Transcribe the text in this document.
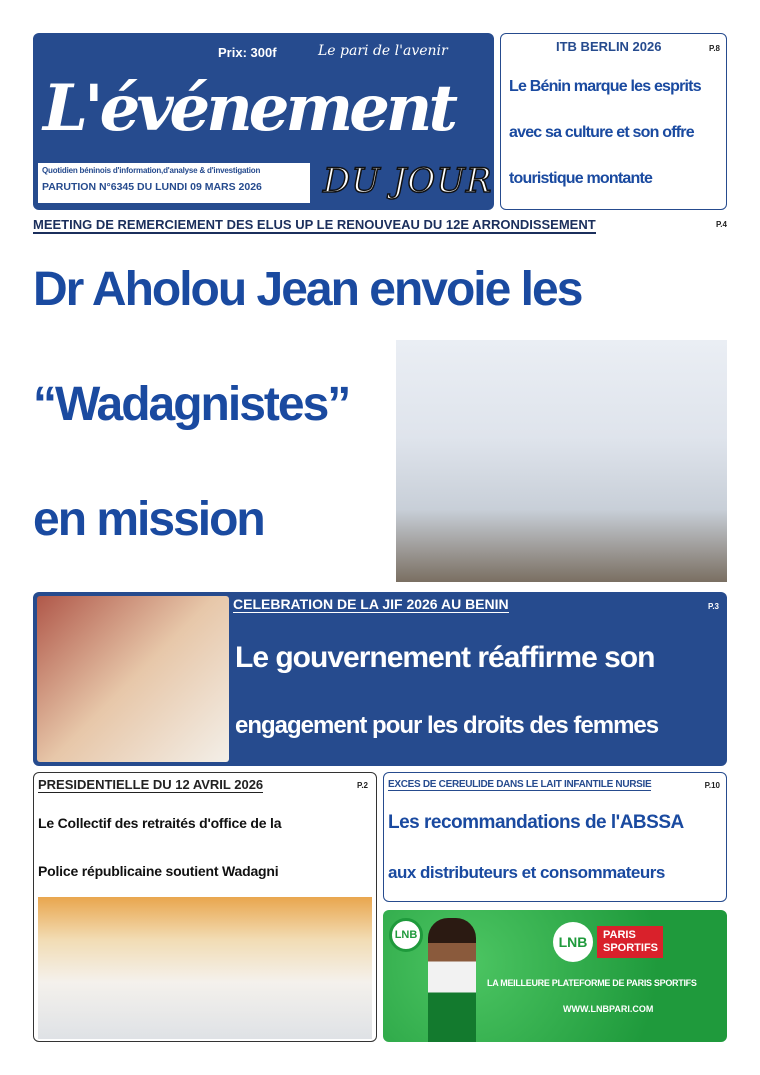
Prix: 300f	Le pari de l'avenir
L'événement
Quotidien béninois d'information,d'analyse & d'investigation
PARUTION N°6345 DU LUNDI 09 MARS 2026	DU JOUR
ITB BERLIN 2026	P.8
Le Bénin marque les esprits
avec sa culture et son offre
touristique montante
MEETING DE REMERCIEMENT DES ELUS UP LE RENOUVEAU DU 12E ARRONDISSEMENT	P.4
Dr Aholou Jean envoie les
“Wadagnistes”
en mission
CELEBRATION DE LA JIF 2026 AU BENIN	P.3
Le gouvernement réaffirme son
engagement pour les droits des femmes
PRESIDENTIELLE DU 12 AVRIL 2026	P.2
Le Collectif des retraités d'office de la
Police républicaine soutient Wadagni
EXCES DE CEREULIDE DANS LE LAIT INFANTILE NURSIE	P.10
Les recommandations de l'ABSSA
aux distributeurs et consommateurs
LNB	LNB	PARIS SPORTIFS
LA MEILLEURE PLATEFORME DE PARIS SPORTIFS
WWW.LNBPARI.COM
